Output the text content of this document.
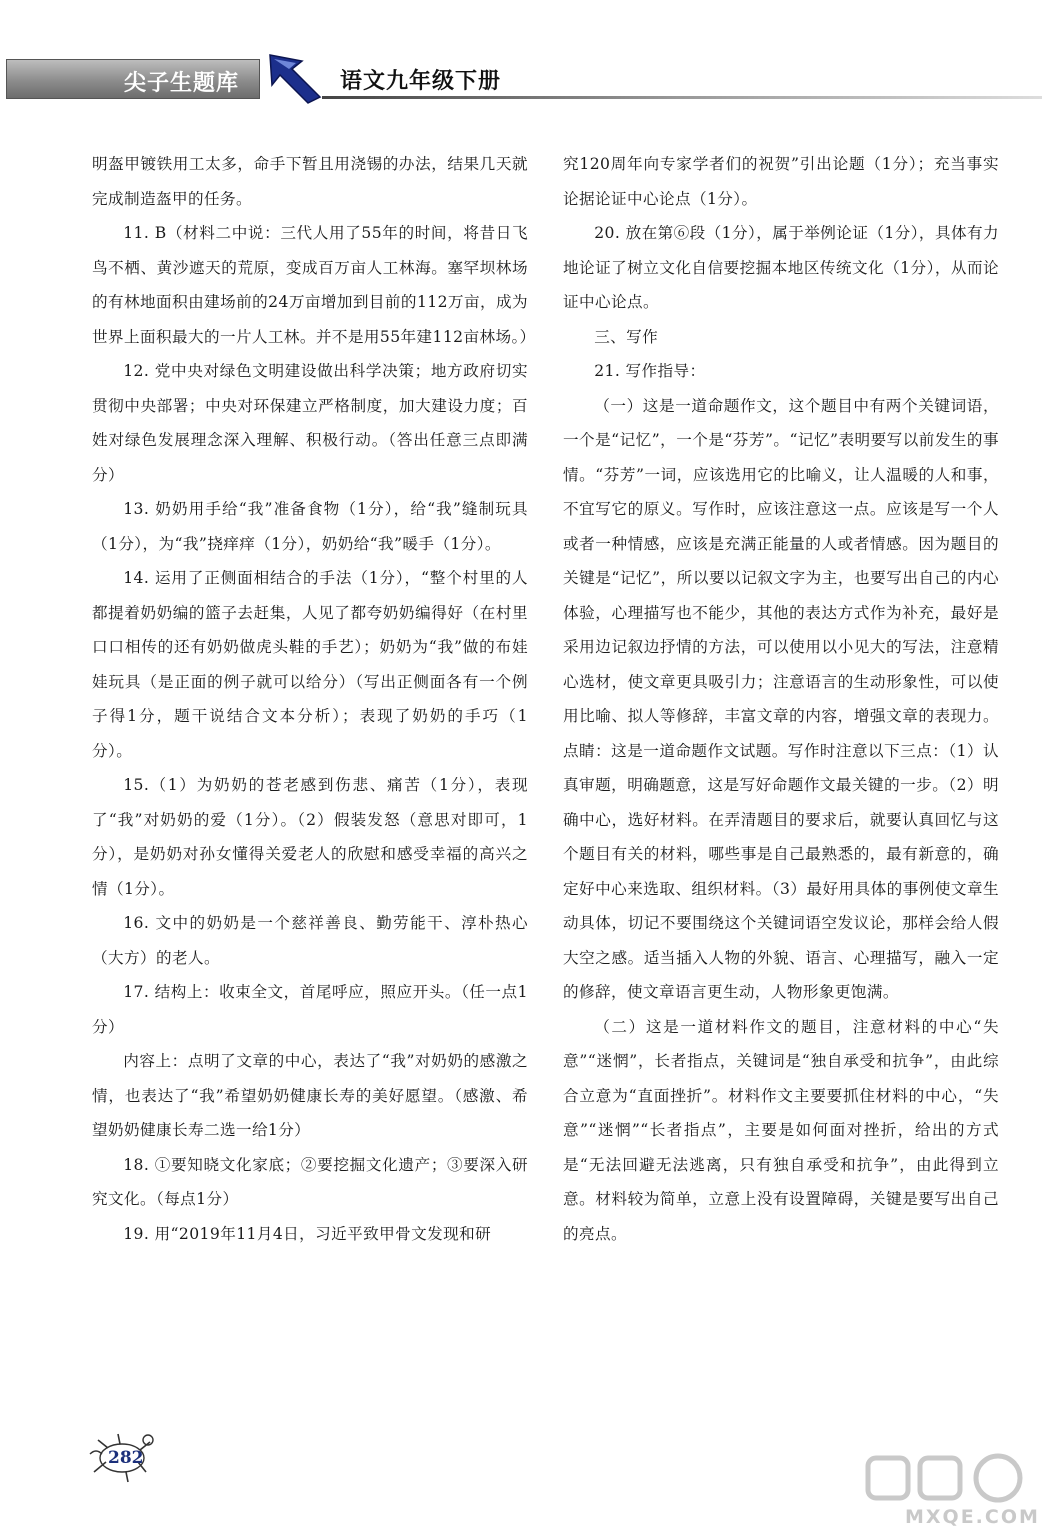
尖子生题库	语文九年级下册

明盔甲镀铁用工太多，命手下暂且用浇锡的办法，结果几天就完成制造盔甲的任务。

11. B（材料二中说：三代人用了55年的时间，将昔日飞鸟不栖、黄沙遮天的荒原，变成百万亩人工林海。塞罕坝林场的有林地面积由建场前的24万亩增加到目前的112万亩，成为世界上面积最大的一片人工林。并不是用55年建112亩林场。）

12. 党中央对绿色文明建设做出科学决策；地方政府切实贯彻中央部署；中央对环保建立严格制度，加大建设力度；百姓对绿色发展理念深入理解、积极行动。（答出任意三点即满分）

13. 奶奶用手给“我”准备食物（1分），给“我”缝制玩具（1分），为“我”挠痒痒（1分），奶奶给“我”暖手（1分）。

14. 运用了正侧面相结合的手法（1分），“整个村里的人都提着奶奶编的篮子去赶集，人见了都夸奶奶编得好（在村里口口相传的还有奶奶做虎头鞋的手艺）；奶奶为“我”做的布娃娃玩具（是正面的例子就可以给分）（写出正侧面各有一个例子得1分，题干说结合文本分析）；表现了奶奶的手巧（1分）。

15.（1）为奶奶的苍老感到伤悲、痛苦（1分），表现了“我”对奶奶的爱（1分）。（2）假装发怒（意思对即可，1分），是奶奶对孙女懂得关爱老人的欣慰和感受幸福的高兴之情（1分）。

16. 文中的奶奶是一个慈祥善良、勤劳能干、淳朴热心（大方）的老人。

17. 结构上：收束全文，首尾呼应，照应开头。（任一点1分）

内容上：点明了文章的中心，表达了“我”对奶奶的感激之情，也表达了“我”希望奶奶健康长寿的美好愿望。（感激、希望奶奶健康长寿二选一给1分）

18. ①要知晓文化家底；②要挖掘文化遗产；③要深入研究文化。（每点1分）

19. 用“2019年11月4日，习近平致甲骨文发现和研

究120周年向专家学者们的祝贺”引出论题（1分）；充当事实论据论证中心论点（1分）。

20. 放在第⑥段（1分），属于举例论证（1分），具体有力地论证了树立文化自信要挖掘本地区传统文化（1分），从而论证中心论点。

三、写作

21. 写作指导：

（一）这是一道命题作文，这个题目中有两个关键词语，一个是“记忆”，一个是“芬芳”。“记忆”表明要写以前发生的事情。“芬芳”一词，应该选用它的比喻义，让人温暖的人和事，不宜写它的原义。写作时，应该注意这一点。应该是写一个人或者一种情感，应该是充满正能量的人或者情感。因为题目的关键是“记忆”，所以要以记叙文字为主，也要写出自己的内心体验，心理描写也不能少，其他的表达方式作为补充，最好是采用边记叙边抒情的方法，可以使用以小见大的写法，注意精心选材，使文章更具吸引力；注意语言的生动形象性，可以使用比喻、拟人等修辞，丰富文章的内容，增强文章的表现力。点睛：这是一道命题作文试题。写作时注意以下三点：（1）认真审题，明确题意，这是写好命题作文最关键的一步。（2）明确中心，选好材料。在弄清题目的要求后，就要认真回忆与这个题目有关的材料，哪些事是自己最熟悉的，最有新意的，确定好中心来选取、组织材料。（3）最好用具体的事例使文章生动具体，切记不要围绕这个关键词语空发议论，那样会给人假大空之感。适当插入人物的外貌、语言、心理描写，融入一定的修辞，使文章语言更生动，人物形象更饱满。

（二）这是一道材料作文的题目，注意材料的中心“失意”“迷惘”，长者指点，关键词是“独自承受和抗争”，由此综合立意为“直面挫折”。材料作文主要要抓住材料的中心，“失意”“迷惘”“长者指点”，主要是如何面对挫折，给出的方式是“无法回避无法逃离，只有独自承受和抗争”，由此得到立意。材料较为简单，立意上没有设置障碍，关键是要写出自己的亮点。

282
MXQE.COM
